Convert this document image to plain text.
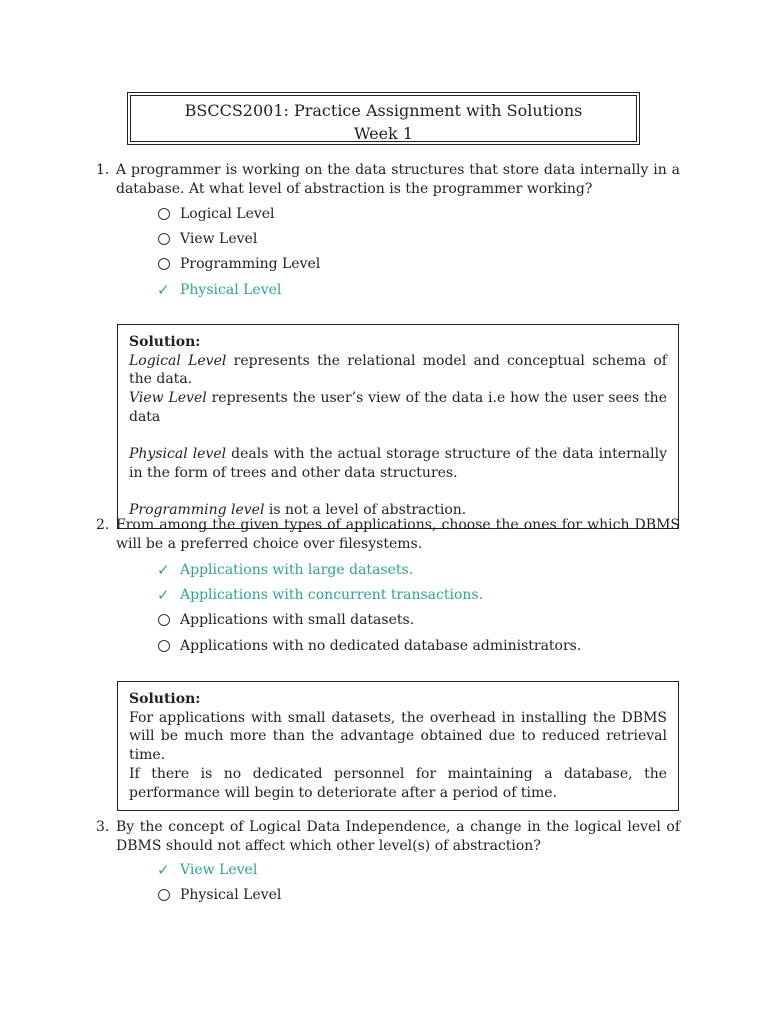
BSCCS2001: Practice Assignment with Solutions
Week 1
1. A programmer is working on the data structures that store data internally in a database. At what level of abstraction is the programmer working?
Logical Level
View Level
Programming Level
✓ Physical Level
Solution:
Logical Level represents the relational model and conceptual schema of the data.
View Level represents the user’s view of the data i.e how the user sees the data
Physical level deals with the actual storage structure of the data internally in the form of trees and other data structures.
Programming level is not a level of abstraction.
2. From among the given types of applications, choose the ones for which DBMS will be a preferred choice over filesystems.
✓ Applications with large datasets.
✓ Applications with concurrent transactions.
Applications with small datasets.
Applications with no dedicated database administrators.
Solution:
For applications with small datasets, the overhead in installing the DBMS will be much more than the advantage obtained due to reduced retrieval time.
If there is no dedicated personnel for maintaining a database, the performance will begin to deteriorate after a period of time.
3. By the concept of Logical Data Independence, a change in the logical level of DBMS should not affect which other level(s) of abstraction?
✓ View Level
Physical Level
